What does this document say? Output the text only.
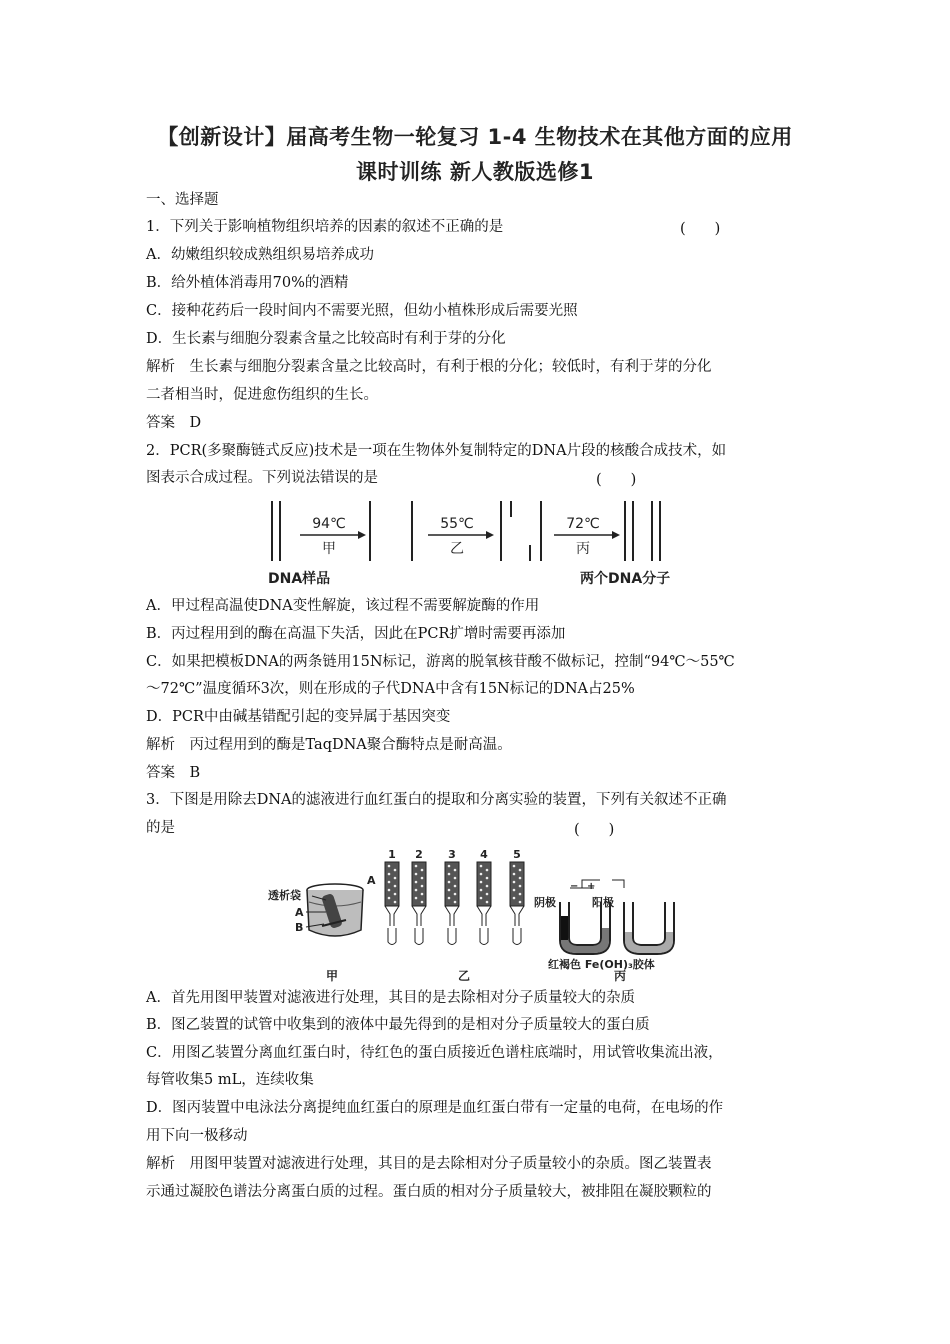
【创新设计】届高考生物一轮复习 1-4 生物技术在其他方面的应用
课时训练 新人教版选修1
一、选择题
1．下列关于影响植物组织培养的因素的叙述不正确的是	(　　)
A．幼嫩组织较成熟组织易培养成功
B．给外植体消毒用70%的酒精
C．接种花药后一段时间内不需要光照，但幼小植株形成后需要光照
D．生长素与细胞分裂素含量之比较高时有利于芽的分化
解析　生长素与细胞分裂素含量之比较高时，有利于根的分化；较低时，有利于芽的分化
二者相当时，促进愈伤组织的生长。
答案　D
2．PCR(多聚酶链式反应)技术是一项在生物体外复制特定的DNA片段的核酸合成技术，如
图表示合成过程。下列说法错误的是	(　　)
94℃
甲
55℃
乙
72℃
丙
DNA样品	两个DNA分子
A．甲过程高温使DNA变性解旋，该过程不需要解旋酶的作用
B．丙过程用到的酶在高温下失活，因此在PCR扩增时需要再添加
C．如果把模板DNA的两条链用15N标记，游离的脱氧核苷酸不做标记，控制“94℃～55℃
～72℃”温度循环3次，则在形成的子代DNA中含有15N标记的DNA占25%
D．PCR中由碱基错配引起的变异属于基因突变
解析　丙过程用到的酶是TaqDNA聚合酶特点是耐高温。
答案　B
3．下图是用除去DNA的滤液进行血红蛋白的提取和分离实验的装置，下列有关叙述不正确
的是	(　　)
透析袋
A
B
1 2 3 4 5
A	− +
阴极	阳极
红褐色 Fe(OH)₃胶体
甲	乙	丙
A．首先用图甲装置对滤液进行处理，其目的是去除相对分子质量较大的杂质
B．图乙装置的试管中收集到的液体中最先得到的是相对分子质量较大的蛋白质
C．用图乙装置分离血红蛋白时，待红色的蛋白质接近色谱柱底端时，用试管收集流出液，
每管收集5 mL，连续收集
D．图丙装置中电泳法分离提纯血红蛋白的原理是血红蛋白带有一定量的电荷，在电场的作
用下向一极移动
解析　用图甲装置对滤液进行处理，其目的是去除相对分子质量较小的杂质。图乙装置表
示通过凝胶色谱法分离蛋白质的过程。蛋白质的相对分子质量较大，被排阻在凝胶颗粒的
